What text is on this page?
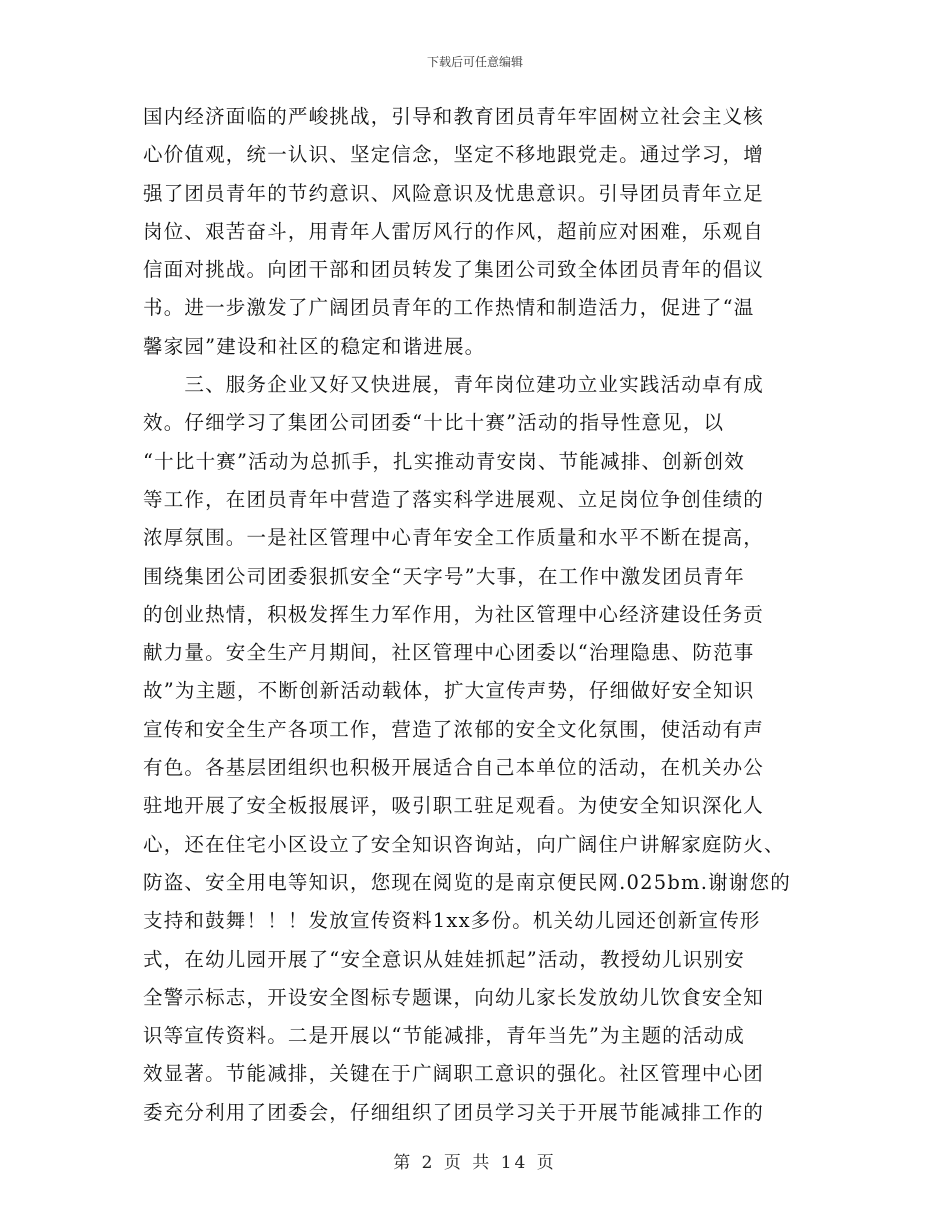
下载后可任意编辑
国内经济面临的严峻挑战，引导和教育团员青年牢固树立社会主义核
心价值观，统一认识、坚定信念，坚定不移地跟党走。通过学习，增
强了团员青年的节约意识、风险意识及忧患意识。引导团员青年立足
岗位、艰苦奋斗，用青年人雷厉风行的作风，超前应对困难，乐观自
信面对挑战。向团干部和团员转发了集团公司致全体团员青年的倡议
书。进一步激发了广阔团员青年的工作热情和制造活力，促进了“温
馨家园”建设和社区的稳定和谐进展。
　　三、服务企业又好又快进展，青年岗位建功立业实践活动卓有成
效。仔细学习了集团公司团委“十比十赛”活动的指导性意见，以
“十比十赛”活动为总抓手，扎实推动青安岗、节能减排、创新创效
等工作，在团员青年中营造了落实科学进展观、立足岗位争创佳绩的
浓厚氛围。一是社区管理中心青年安全工作质量和水平不断在提高，
围绕集团公司团委狠抓安全“天字号”大事，在工作中激发团员青年
的创业热情，积极发挥生力军作用，为社区管理中心经济建设任务贡
献力量。安全生产月期间，社区管理中心团委以“治理隐患、防范事
故”为主题，不断创新活动载体，扩大宣传声势，仔细做好安全知识
宣传和安全生产各项工作，营造了浓郁的安全文化氛围，使活动有声
有色。各基层团组织也积极开展适合自己本单位的活动，在机关办公
驻地开展了安全板报展评，吸引职工驻足观看。为使安全知识深化人
心，还在住宅小区设立了安全知识咨询站，向广阔住户讲解家庭防火、
防盗、安全用电等知识，您现在阅览的是南京便民网.025bm.谢谢您的
支持和鼓舞！！！发放宣传资料1xx多份。机关幼儿园还创新宣传形
式，在幼儿园开展了“安全意识从娃娃抓起”活动，教授幼儿识别安
全警示标志，开设安全图标专题课，向幼儿家长发放幼儿饮食安全知
识等宣传资料。二是开展以“节能减排，青年当先”为主题的活动成
效显著。节能减排，关键在于广阔职工意识的强化。社区管理中心团
委充分利用了团委会，仔细组织了团员学习关于开展节能减排工作的
第 2 页 共 14 页
